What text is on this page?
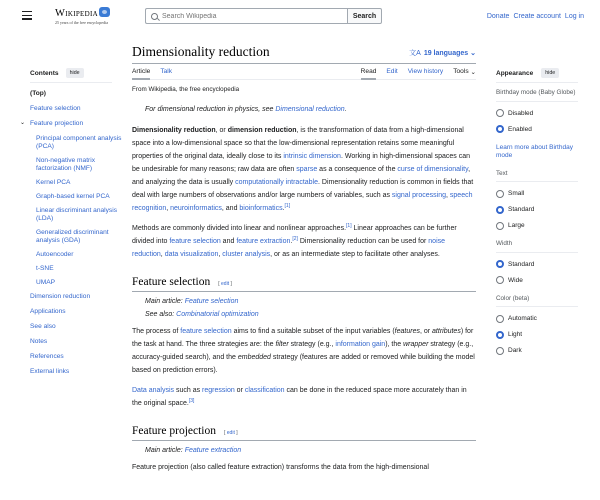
Wikipedia
25 years of the free encyclopedia
Search Wikipedia
Search	Donate Create account Log in
Contents	hide
(Top)
Feature selection
⌄ Feature projection
Principal component analysis (PCA)
Non-negative matrix factorization (NMF)
Kernel PCA
Graph-based kernel PCA
Linear discriminant analysis (LDA)
Generalized discriminant analysis (GDA)
Autoencoder
t-SNE
UMAP
Dimension reduction
Applications
See also
Notes
References
External links
Dimensionality reduction	文A 19 languages ⌄
Article Talk	Read Edit View history Tools
⌄
From Wikipedia, the free encyclopedia
For dimensional reduction in physics, see Dimensional reduction.

Dimensionality reduction, or dimension reduction, is the transformation of data from a high-dimensional space into a low-dimensional space so that the low-dimensional representation retains some meaningful properties of the original data, ideally close to its intrinsic dimension. Working in high-dimensional spaces can be undesirable for many reasons; raw data are often sparse as a consequence of the curse of dimensionality, and analyzing the data is usually computationally intractable. Dimensionality reduction is common in fields that deal with large numbers of observations and/or large numbers of variables, such as signal processing, speech recognition, neuroinformatics, and bioinformatics.[1]

Methods are commonly divided into linear and nonlinear approaches.[1] Linear approaches can be further divided into feature selection and feature extraction.[2] Dimensionality reduction can be used for noise reduction, data visualization, cluster analysis, or as an intermediate step to facilitate other analyses.

Feature selection [ edit ]
Main article: Feature selection
See also: Combinatorial optimization

The process of feature selection aims to find a suitable subset of the input variables (features, or attributes) for the task at hand. The three strategies are: the filter strategy (e.g., information gain), the wrapper strategy (e.g., accuracy-guided search), and the embedded strategy (features are added or removed while building the model based on prediction errors).

Data analysis such as regression or classification can be done in the reduced space more accurately than in the original space.[3]

Feature projection [ edit ]
Main article: Feature extraction

Feature projection (also called feature extraction) transforms the data from the high-dimensional

Appearance	hide
Birthday mode (Baby Globe)
Disabled
Enabled
Learn more about Birthday mode
Text
Small
Standard
Large
Width
Standard
Wide
Color (beta)
Automatic
Light
Dark
